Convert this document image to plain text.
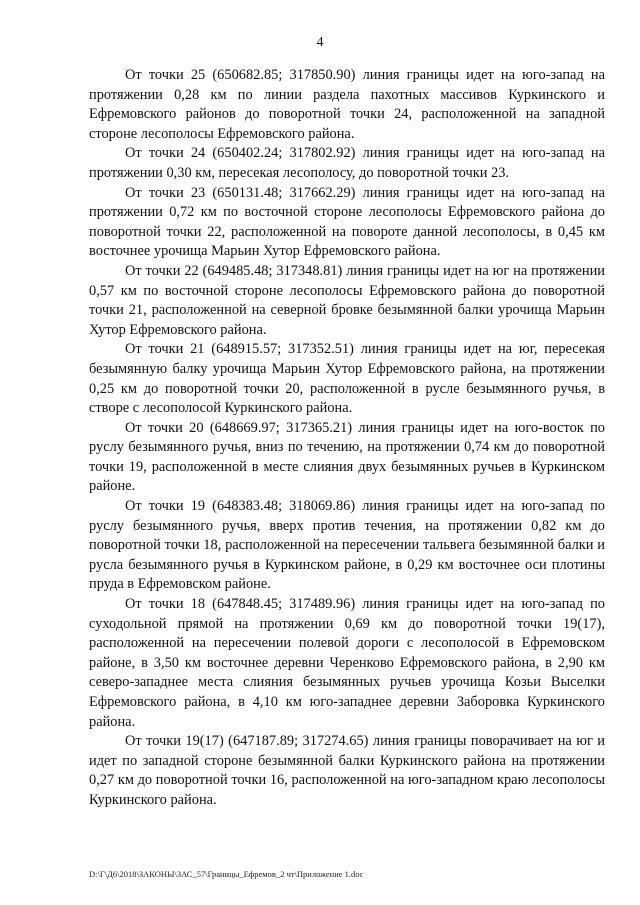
4

От точки 25 (650682.85; 317850.90) линия границы идет на юго-запад на протяжении 0,28 км по линии раздела пахотных массивов Куркинского и Ефремовского районов до поворотной точки 24, расположенной на западной стороне лесополосы Ефремовского района.

От точки 24 (650402.24; 317802.92) линия границы идет на юго-запад на протяжении 0,30 км, пересекая лесополосу, до поворотной точки 23.

От точки 23 (650131.48; 317662.29) линия границы идет на юго-запад на протяжении 0,72 км по восточной стороне лесополосы Ефремовского района до поворотной точки 22, расположенной на повороте данной лесополосы, в 0,45 км восточнее урочища Марьин Хутор Ефремовского района.

От точки 22 (649485.48; 317348.81) линия границы идет на юг на протяжении 0,57 км по восточной стороне лесополосы Ефремовского района до поворотной точки 21, расположенной на северной бровке безымянной балки урочища Марьин Хутор Ефремовского района.

От точки 21 (648915.57; 317352.51) линия границы идет на юг, пересекая безымянную балку урочища Марьин Хутор Ефремовского района, на протяжении 0,25 км до поворотной точки 20, расположенной в русле безымянного ручья, в створе с лесополосой Куркинского района.

От точки 20 (648669.97; 317365.21) линия границы идет на юго-восток по руслу безымянного ручья, вниз по течению, на протяжении 0,74 км до поворотной точки 19, расположенной в месте слияния двух безымянных ручьев в Куркинском районе.

От точки 19 (648383.48; 318069.86) линия границы идет на юго-запад по руслу безымянного ручья, вверх против течения, на протяжении 0,82 км до поворотной точки 18, расположенной на пересечении тальвега безымянной балки и русла безымянного ручья в Куркинском районе, в 0,29 км восточнее оси плотины пруда в Ефремовском районе.

От точки 18 (647848.45; 317489.96) линия границы идет на юго-запад по суходольной прямой на протяжении 0,69 км до поворотной точки 19(17), расположенной на пересечении полевой дороги с лесополосой в Ефремовском районе, в 3,50 км восточнее деревни Черенково Ефремовского района, в 2,90 км северо-западнее места слияния безымянных ручьев урочища Козьи Выселки Ефремовского района, в 4,10 км юго-западнее деревни Заборовка Куркинского района.

От точки 19(17) (647187.89; 317274.65) линия границы поворачивает на юг и идет по западной стороне безымянной балки Куркинского района на протяжении 0,27 км до поворотной точки 16, расположенной на юго-западном краю лесополосы Куркинского района.

D:\Г\Д6\2018\ЗАКОНЫ\ЗАС_57\Границы_Ефремов_2 чт\Приложение 1.doc
